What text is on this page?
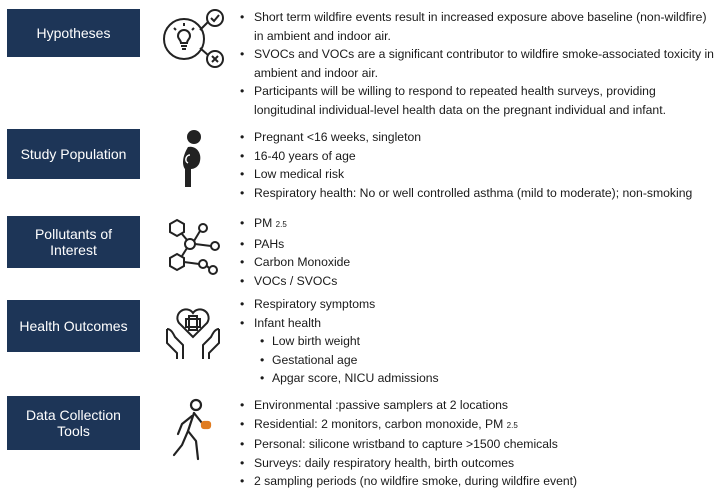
Hypotheses
• Short term wildfire events result in increased exposure above baseline (non-wildfire) in ambient and indoor air.
• SVOCs and VOCs are a significant contributor to wildfire smoke-associated toxicity in ambient and indoor air.
• Participants will be willing to respond to repeated health surveys, providing longitudinal individual-level health data on the pregnant individual and infant.
Study Population
• Pregnant <16 weeks, singleton
• 16-40 years of age
• Low medical risk
• Respiratory health: No or well controlled asthma (mild to moderate); non-smoking
Pollutants of Interest
• PM 2.5
• PAHs
• Carbon Monoxide
• VOCs / SVOCs
Health Outcomes
• Respiratory symptoms
• Infant health
• Low birth weight
• Gestational age
• Apgar score, NICU admissions
Data Collection Tools
• Environmental :passive samplers at 2 locations
• Residential: 2 monitors, carbon monoxide, PM 2.5
• Personal: silicone wristband to capture >1500 chemicals
• Surveys: daily respiratory health, birth outcomes
• 2 sampling periods (no wildfire smoke, during wildfire event)
